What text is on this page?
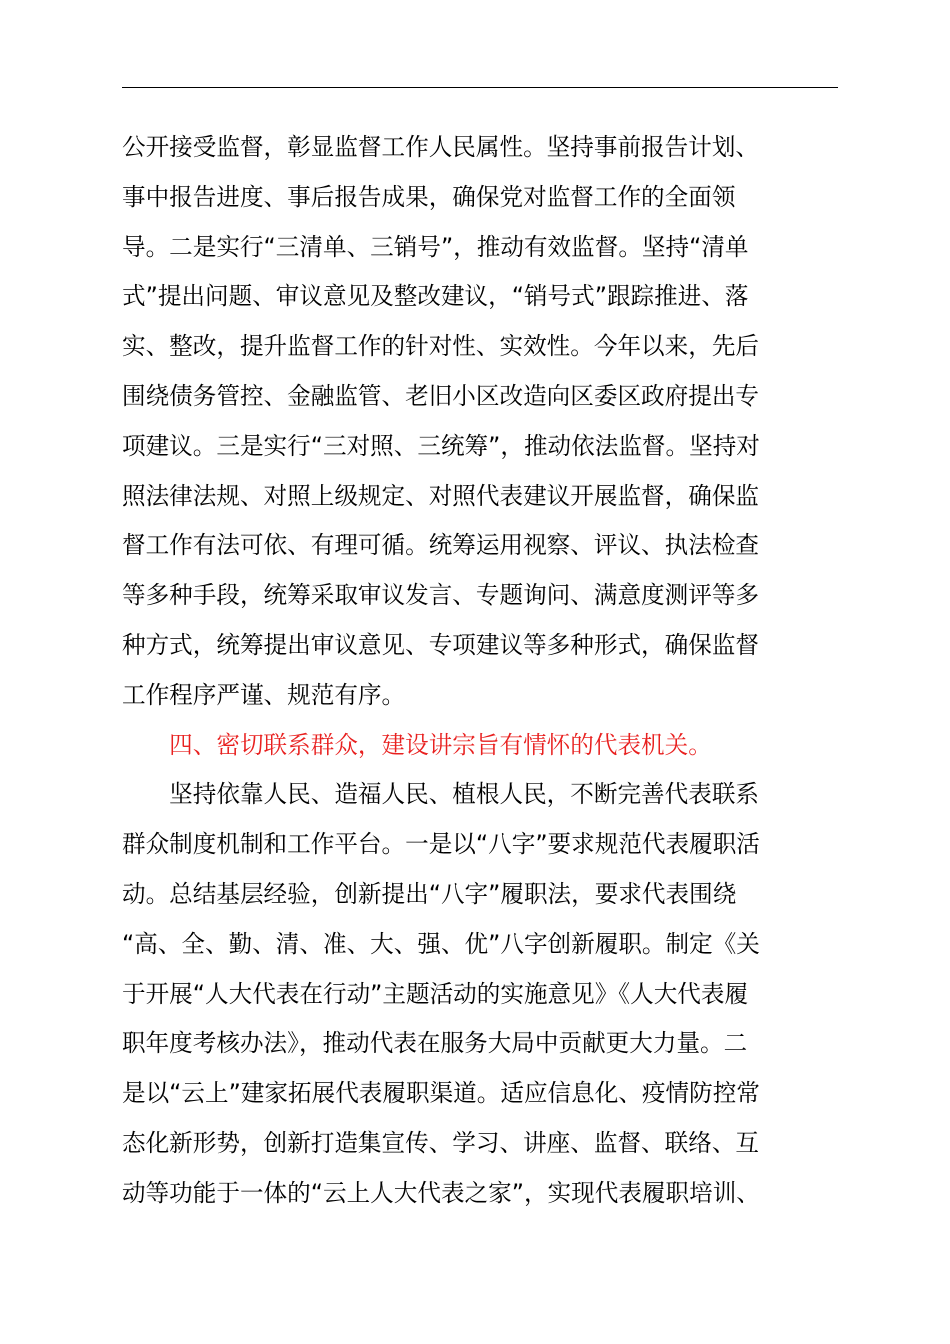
公开接受监督，彰显监督工作人民属性。坚持事前报告计划、
事中报告进度、事后报告成果，确保党对监督工作的全面领
导。二是实行“三清单、三销号”，推动有效监督。坚持“清单
式”提出问题、审议意见及整改建议，“销号式”跟踪推进、落
实、整改，提升监督工作的针对性、实效性。今年以来，先后
围绕债务管控、金融监管、老旧小区改造向区委区政府提出专
项建议。三是实行“三对照、三统筹”，推动依法监督。坚持对
照法律法规、对照上级规定、对照代表建议开展监督，确保监
督工作有法可依、有理可循。统筹运用视察、评议、执法检查
等多种手段，统筹采取审议发言、专题询问、满意度测评等多
种方式，统筹提出审议意见、专项建议等多种形式，确保监督
工作程序严谨、规范有序。
　　四、密切联系群众，建设讲宗旨有情怀的代表机关。
　　坚持依靠人民、造福人民、植根人民，不断完善代表联系
群众制度机制和工作平台。一是以“八字”要求规范代表履职活
动。总结基层经验，创新提出“八字”履职法，要求代表围绕
“高、全、勤、清、准、大、强、优”八字创新履职。制定《关
于开展“人大代表在行动”主题活动的实施意见》《人大代表履
职年度考核办法》，推动代表在服务大局中贡献更大力量。二
是以“云上”建家拓展代表履职渠道。适应信息化、疫情防控常
态化新形势，创新打造集宣传、学习、讲座、监督、联络、互
动等功能于一体的“云上人大代表之家”，实现代表履职培训、
